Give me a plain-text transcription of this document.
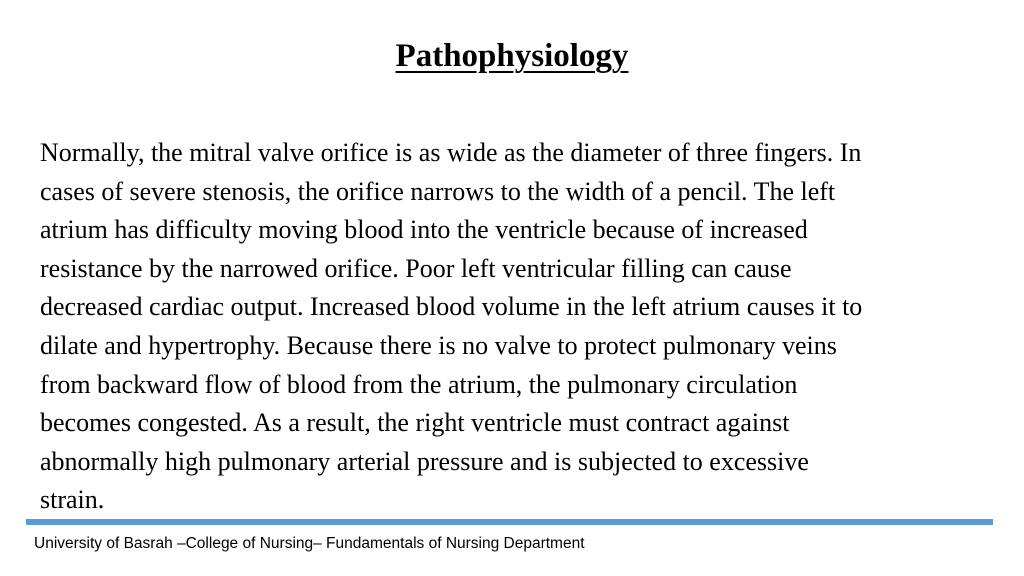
Pathophysiology

Normally, the mitral valve orifice is as wide as the diameter of three fingers. In
cases of severe stenosis, the orifice narrows to the width of a pencil. The left
atrium has difficulty moving blood into the ventricle because of increased
resistance by the narrowed orifice. Poor left ventricular filling can cause
decreased cardiac output. Increased blood volume in the left atrium causes it to
dilate and hypertrophy. Because there is no valve to protect pulmonary veins
from backward flow of blood from the atrium, the pulmonary circulation
becomes congested. As a result, the right ventricle must contract against
abnormally high pulmonary arterial pressure and is subjected to excessive
strain.

University of Basrah –College of Nursing– Fundamentals of Nursing Department
